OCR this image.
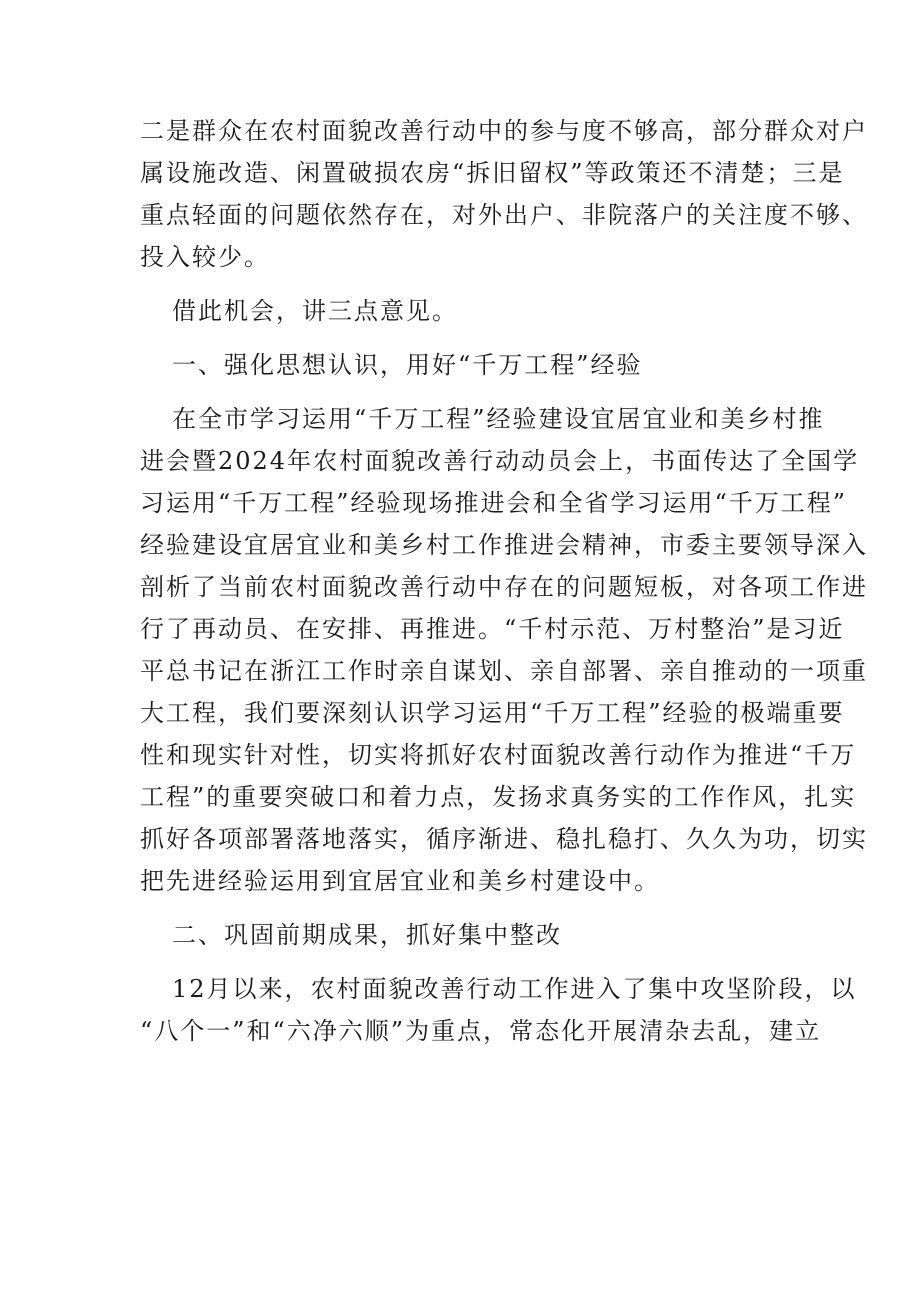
二是群众在农村面貌改善行动中的参与度不够高，部分群众对户
属设施改造、闲置破损农房“拆旧留权”等政策还不清楚；三是
重点轻面的问题依然存在，对外出户、非院落户的关注度不够、
投入较少。
借此机会，讲三点意见。
一、强化思想认识，用好“千万工程”经验
在全市学习运用“千万工程”经验建设宜居宜业和美乡村推
进会暨2024年农村面貌改善行动动员会上，书面传达了全国学
习运用“千万工程”经验现场推进会和全省学习运用“千万工程”
经验建设宜居宜业和美乡村工作推进会精神，市委主要领导深入
剖析了当前农村面貌改善行动中存在的问题短板，对各项工作进
行了再动员、在安排、再推进。“千村示范、万村整治”是习近
平总书记在浙江工作时亲自谋划、亲自部署、亲自推动的一项重
大工程，我们要深刻认识学习运用“千万工程”经验的极端重要
性和现实针对性，切实将抓好农村面貌改善行动作为推进“千万
工程”的重要突破口和着力点，发扬求真务实的工作作风，扎实
抓好各项部署落地落实，循序渐进、稳扎稳打、久久为功，切实
把先进经验运用到宜居宜业和美乡村建设中。
二、巩固前期成果，抓好集中整改
12月以来，农村面貌改善行动工作进入了集中攻坚阶段，以
“八个一”和“六净六顺”为重点，常态化开展清杂去乱，建立
